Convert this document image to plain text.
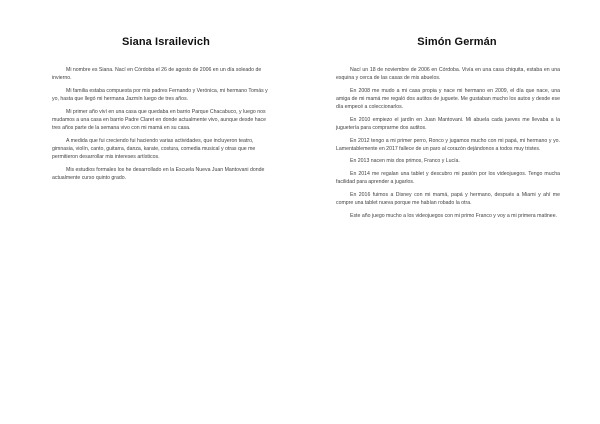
Siana Israilevich

Mi nombre es Siana. Nací en Córdoba el 26 de agosto de 2006 en un día soleado de invierno.

Mi familia estaba compuesta por mis padres Fernando y Verónica, mi hermano Tomás y yo, hasta que llegó mi hermana Jazmín luego de tres años.

Mi primer año viví en una casa que quedaba en barrio Parque Chacabuco, y luego nos mudamos a una casa en barrio Padre Claret en donde actualmente vivo, aunque desde hace tres años parte de la semana vivo con mi mamá en su casa.

A medida que fui creciendo fui haciendo varias actividades, que incluyeron teatro, gimnasia, violín, canto, guitarra, danza, karate, costura, comedia musical y otras que me permitieron desarrollar mis intereses artísticos.

Mis estudios formales los he desarrollado en la Escuela Nueva Juan Mantovani donde actualmente curso quinto grado.

Simón Germán

Nací un 18 de noviembre de 2006 en Córdoba. Vivía en una casa chiquita, estaba en una esquina y cerca de las casas de mis abuelos.

En 2008 me mudo a mi casa propia y nace mi hermano en 2009, el día que nace, una amiga de mi mamá me regaló dos autitos de juguete. Me gustaban mucho los autos y desde ese día empecé a coleccionarlos.

En 2010 empiezo el jardín en Juan Mantovani. Mi abuela cada jueves me llevaba a la juguetería para comprarme dos autitos.

En 2012 tengo a mi primer perro, Ronco y jugamos mucho con mi papá, mi hermano y yo. Lamentablemente en 2017 fallece de un paro al corazón dejándonos a todos muy tristes.

En 2013 nacen mis dos primos, Franco y Lucía.

En 2014 me regalan una tablet y descubro mi pasión por los videojuegos. Tengo mucha facilidad para aprender a jugarlos.

En 2016 fuimos a Disney con mi mamá, papá y hermano, después a Miami y ahí me compre una tablet nueva porque me habían robado la otra.

Este año juego mucho a los videojuegos con mi primo Franco y voy a mi primera matinee.
